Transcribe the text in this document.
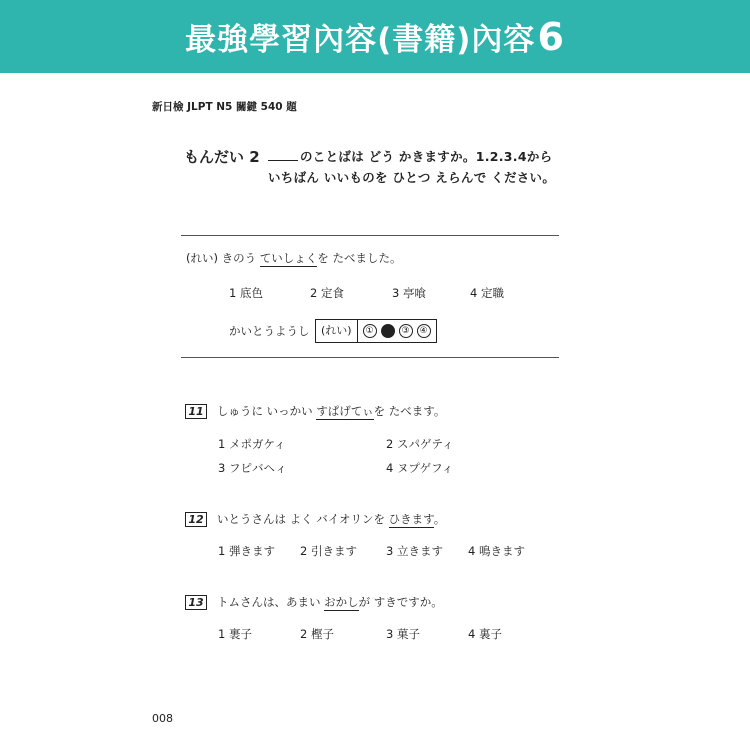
最強學習內容(書籍)內容6
新日檢 JLPT N5 關鍵 540 題
もんだい 2	のことばは どう かきますか。1.2.3.4から いちばん いいものを ひとつ えらんで ください。
(れい) きのう ていしょくを たべました。
1 底色	2 定食	3 亭喰	4 定職
かいとうようし	(れい)	①	③	④
11 しゅうに いっかい すぱげてぃを たべます。
1 メポガケィ	2 スパゲティ
3 フピバヘィ	4 ヌプゲフィ
12 いとうさんは よく バイオリンを ひきます。
1 弾きます 2 引きます	3 立きます 4 鳴きます
13 トムさんは、あまい おかしが すきですか。
1 裹子	2 樫子	3 菓子	4 裏子
008
